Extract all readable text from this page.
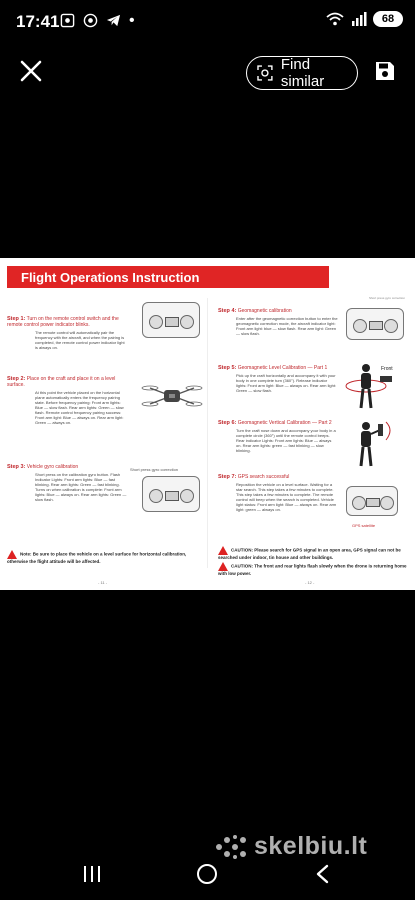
17:41	•	68
Find similar
Flight Operations Instruction
Step 1: Turn on the remote control switch and the remote control power indicator blinks.
The remote control will automatically pair the frequency with the aircraft, and when the pairing is completed, the remote control power indicator light is always on.
Step 2: Place on the craft and place it on a level surface.
At this point the vehicle placed on the horizontal plane automatically enters the frequency pairing state. Before frequency pairing: Front arm lights: Blue — slow flash. Rear arm lights: Green — slow flash. Remote control frequency pairing success: Front arm light: Blue — always on. Rear arm light: Green — always on.
Step 3: Vehicle gyro calibration
Short press on the calibration gyro button. Flash Indicator Lights: Front arm lights: Blue — fast blinking. Rear arm lights: Green — fast blinking. Turns on when calibration is complete: Front arm lights: Blue — always on. Rear arm lights: Green — slow flash.
Short press gyro correction
Note: Be sure to place the vehicle on a level surface for horizontal calibration, otherwise the flight attitude will be affected.
- 11 -
Short press gyro correction
Step 4: Geomagnetic calibration
Enter after the geomagnetic correction button to enter the geomagnetic correction mode, the aircraft indicator light: Front arm light: blue — slow flash. Rear arm light: Green — slow flash.
Step 5: Geomagnetic Level Calibration — Part 1
Pick up the craft horizontally and accompany it with your body in one complete turn (360°). Release indicator lights: Front arm light: Blue — always on. Rear arm light: Green — slow flash.
Front
Step 6: Geomagnetic Vertical Calibration — Part 2
Turn the craft nose down and accompany your body in a complete circle (360°) until the remote control beeps. Rear indicator Lights: Front arm lights: Blue — always on. Rear arm lights: green — fast blinking — slow blinking.
Step 7: GPS search successful
Reposition the vehicle on a level surface. Waiting for a star search. This step takes a few minutes to complete. This step takes a few minutes to complete. The remote control will beep when the search is completed. Vehicle light status: Front arm light: Blue — always on. Rear arm light: green — always on.
GPS satellite
CAUTION: Please search for GPS signal in an open area, GPS signal can not be searched under indoor, tin house and other buildings.
CAUTION: The front and rear lights flash slowly when the drone is returning home with low power.
- 12 -
skelbiu.lt
